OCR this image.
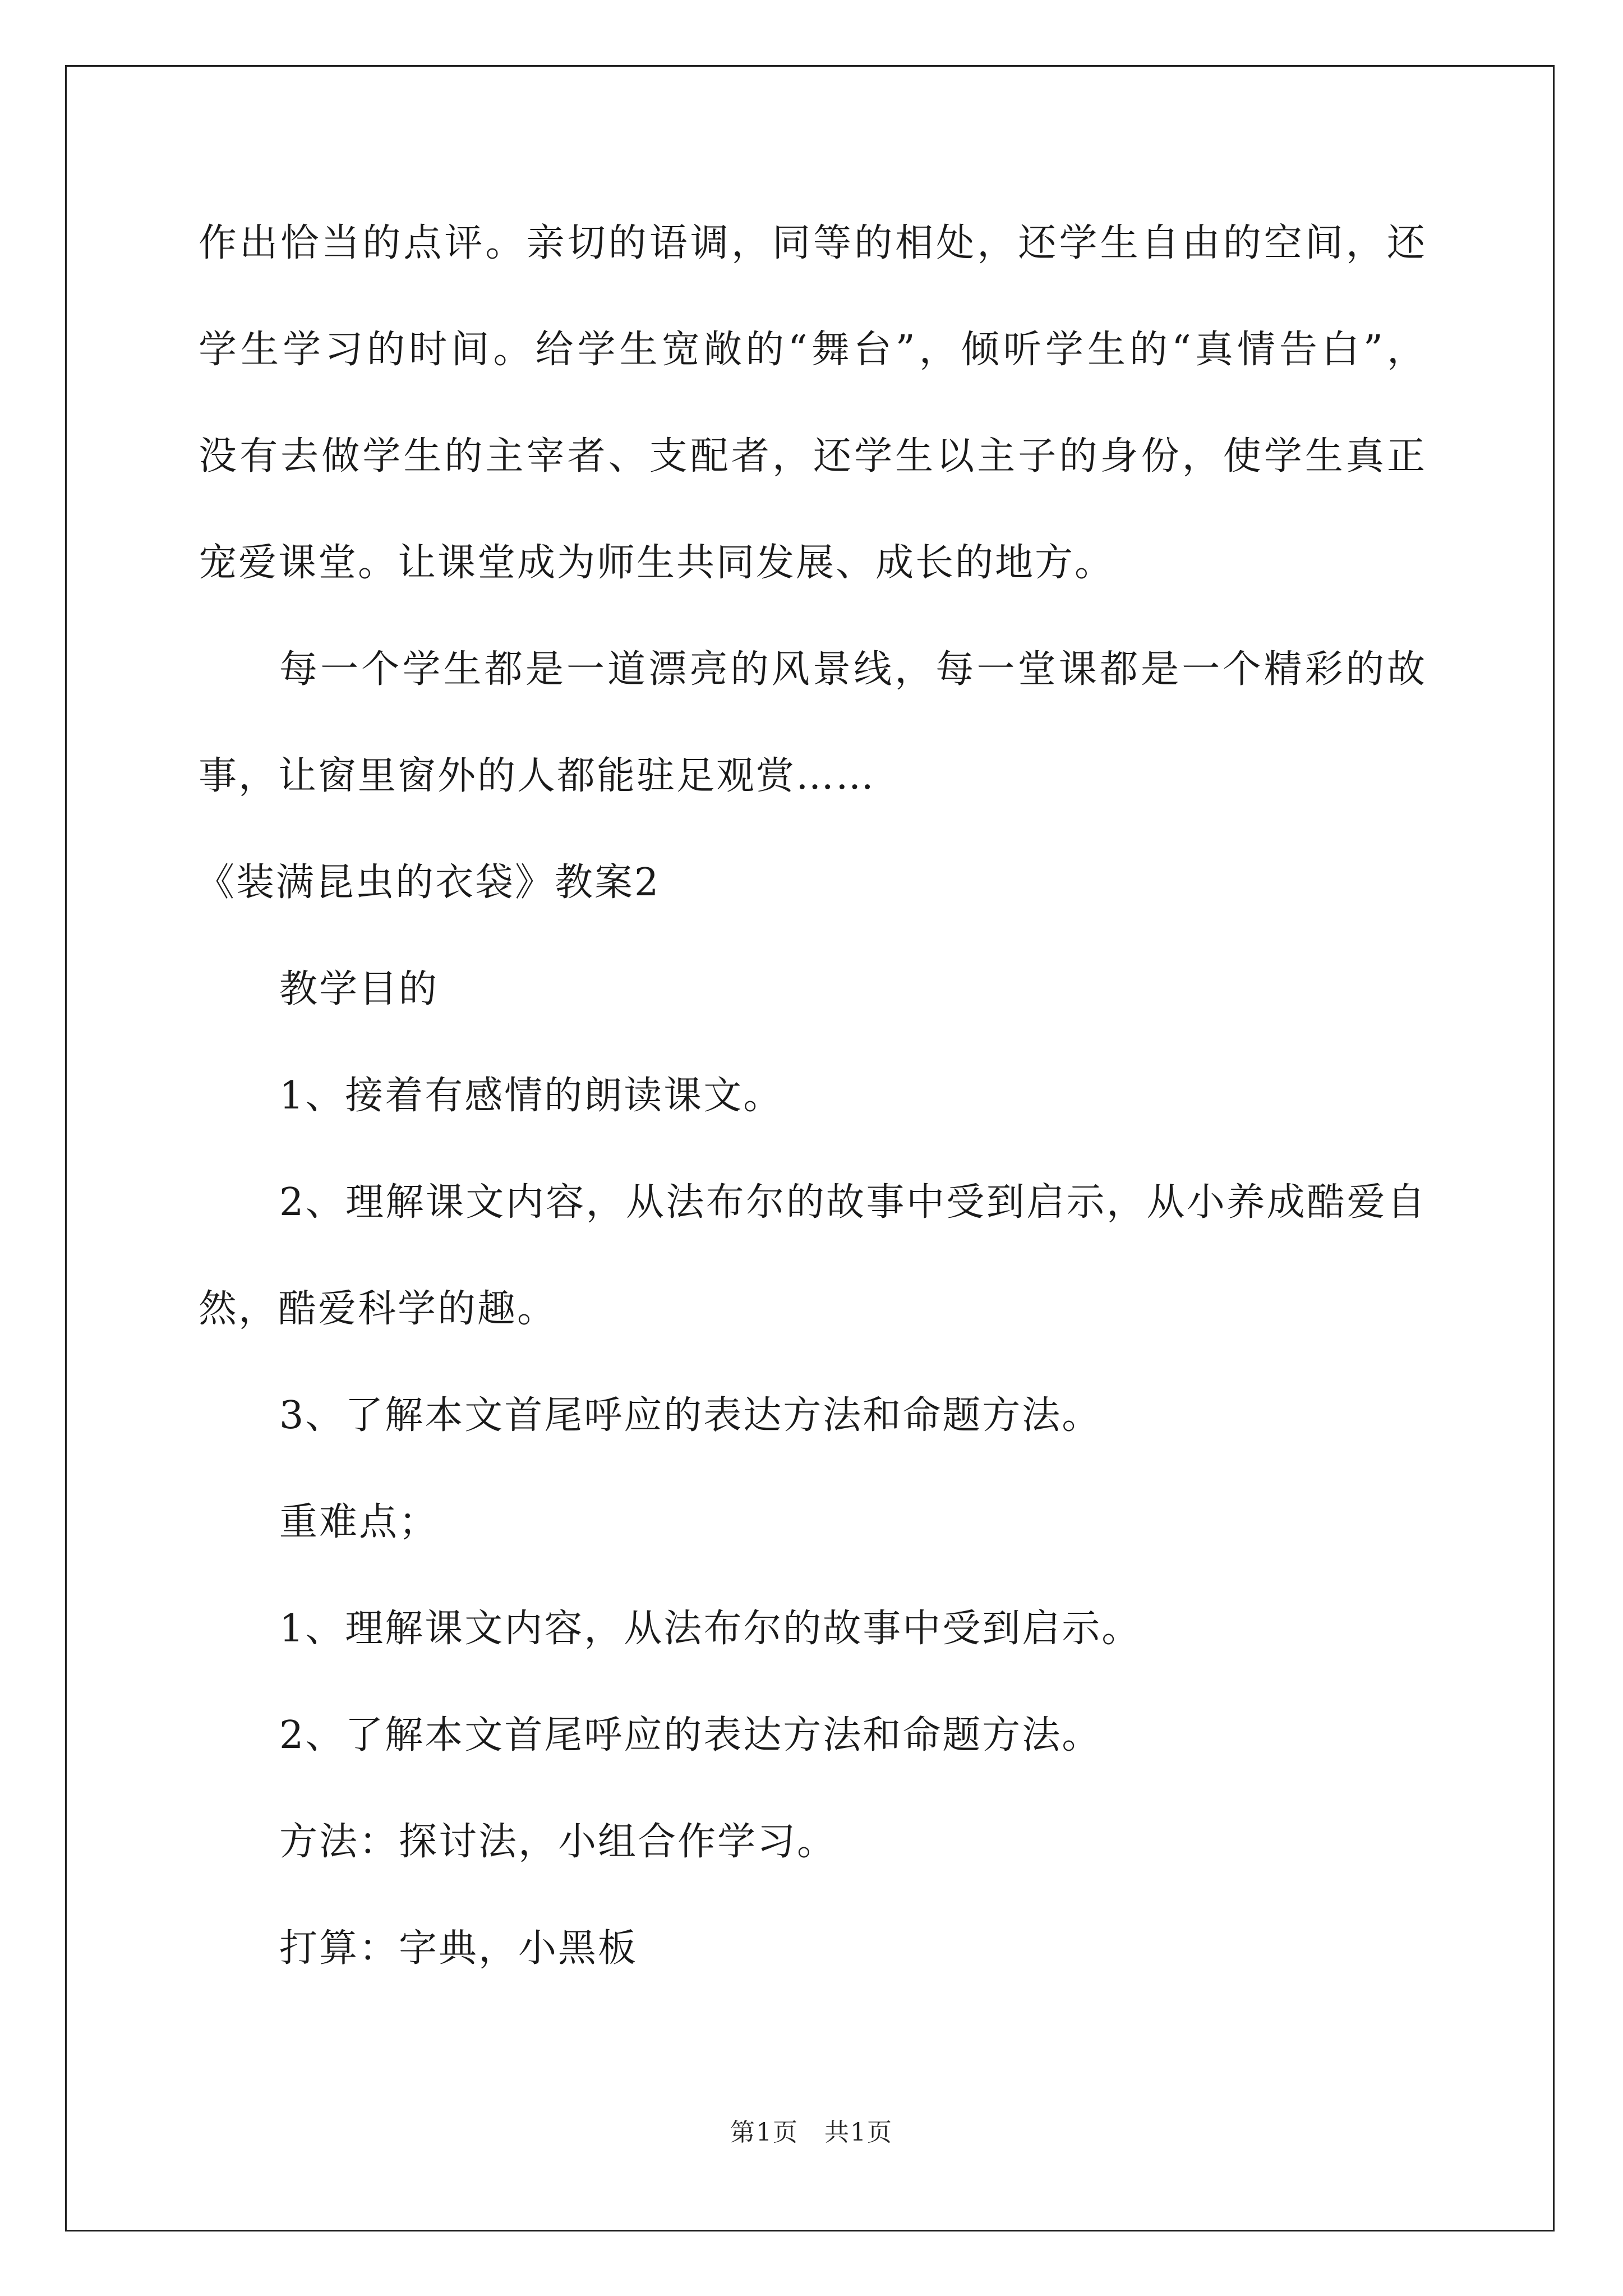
作出恰当的点评。亲切的语调，同等的相处，还学生自由的空间，还
学生学习的时间。给学生宽敞的“舞台”，倾听学生的“真情告白”，
没有去做学生的主宰者、支配者，还学生以主子的身份，使学生真正
宠爱课堂。让课堂成为师生共同发展、成长的地方。
每一个学生都是一道漂亮的风景线，每一堂课都是一个精彩的故
事，让窗里窗外的人都能驻足观赏……
《装满昆虫的衣袋》教案2
教学目的
1、接着有感情的朗读课文。
2、理解课文内容，从法布尔的故事中受到启示，从小养成酷爱自
然，酷爱科学的趣。
3、了解本文首尾呼应的表达方法和命题方法。
重难点；
1、理解课文内容，从法布尔的故事中受到启示。
2、了解本文首尾呼应的表达方法和命题方法。
方法：探讨法，小组合作学习。
打算：字典，小黑板
第1页　共1页
